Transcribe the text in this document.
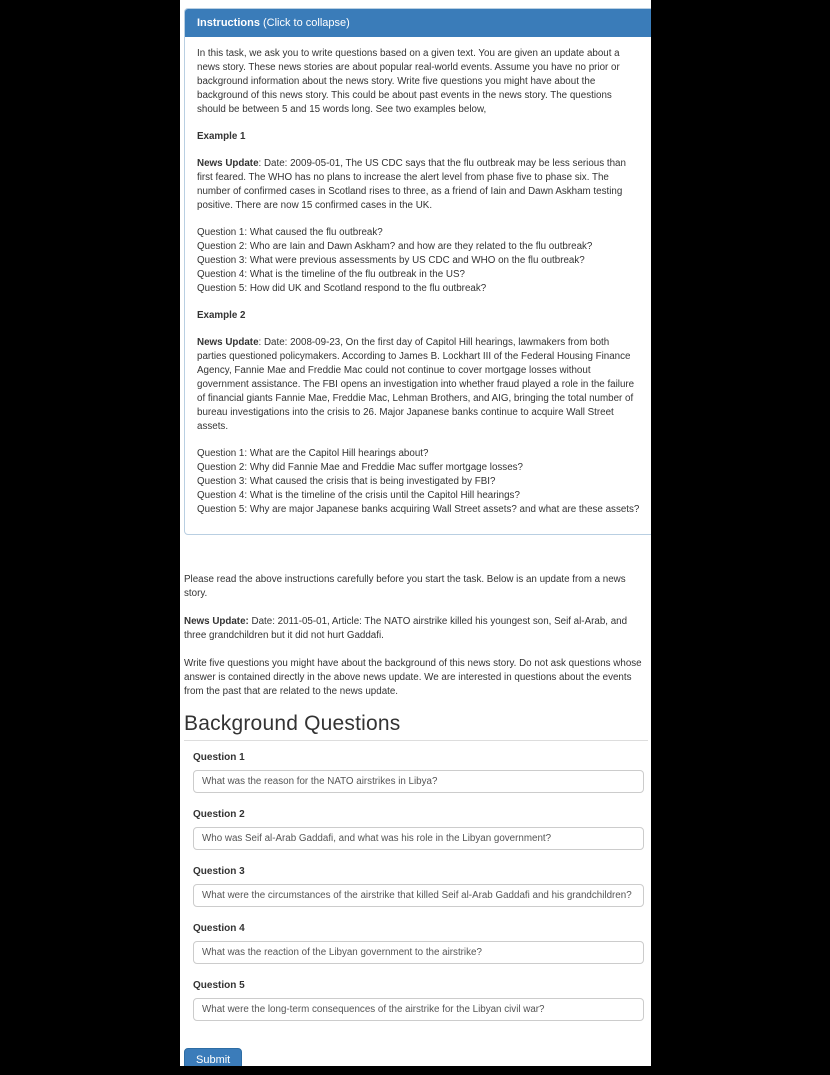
Instructions (Click to collapse)

In this task, we ask you to write questions based on a given text. You are given an update about a news story. These news stories are about popular real-world events. Assume you have no prior or background information about the news story. Write five questions you might have about the background of this news story. This could be about past events in the news story. The questions should be between 5 and 15 words long. See two examples below,

Example 1

News Update: Date: 2009-05-01, The US CDC says that the flu outbreak may be less serious than first feared. The WHO has no plans to increase the alert level from phase five to phase six. The number of confirmed cases in Scotland rises to three, as a friend of Iain and Dawn Askham testing positive. There are now 15 confirmed cases in the UK.

Question 1: What caused the flu outbreak?
Question 2: Who are Iain and Dawn Askham? and how are they related to the flu outbreak?
Question 3: What were previous assessments by US CDC and WHO on the flu outbreak?
Question 4: What is the timeline of the flu outbreak in the US?
Question 5: How did UK and Scotland respond to the flu outbreak?
Example 2

News Update: Date: 2008-09-23, On the first day of Capitol Hill hearings, lawmakers from both parties questioned policymakers. According to James B. Lockhart III of the Federal Housing Finance Agency, Fannie Mae and Freddie Mac could not continue to cover mortgage losses without government assistance. The FBI opens an investigation into whether fraud played a role in the failure of financial giants Fannie Mae, Freddie Mac, Lehman Brothers, and AIG, bringing the total number of bureau investigations into the crisis to 26. Major Japanese banks continue to acquire Wall Street assets.

Question 1: What are the Capitol Hill hearings about?
Question 2: Why did Fannie Mae and Freddie Mac suffer mortgage losses?
Question 3: What caused the crisis that is being investigated by FBI?
Question 4: What is the timeline of the crisis until the Capitol Hill hearings?
Question 5: Why are major Japanese banks acquiring Wall Street assets? and what are these assets?

Please read the above instructions carefully before you start the task. Below is an update from a news story.

News Update: Date: 2011-05-01, Article: The NATO airstrike killed his youngest son, Seif al-Arab, and three grandchildren but it did not hurt Gaddafi.

Write five questions you might have about the background of this news story. Do not ask questions whose answer is contained directly in the above news update. We are interested in questions about the events from the past that are related to the news update.

Background Questions
Question 1
What was the reason for the NATO airstrikes in Libya?
Question 2
Who was Seif al-Arab Gaddafi, and what was his role in the Libyan government?
Question 3
What were the circumstances of the airstrike that killed Seif al-Arab Gaddafi and his grandchildren?
Question 4
What was the reaction of the Libyan government to the airstrike?
Question 5
What were the long-term consequences of the airstrike for the Libyan civil war?
Submit
